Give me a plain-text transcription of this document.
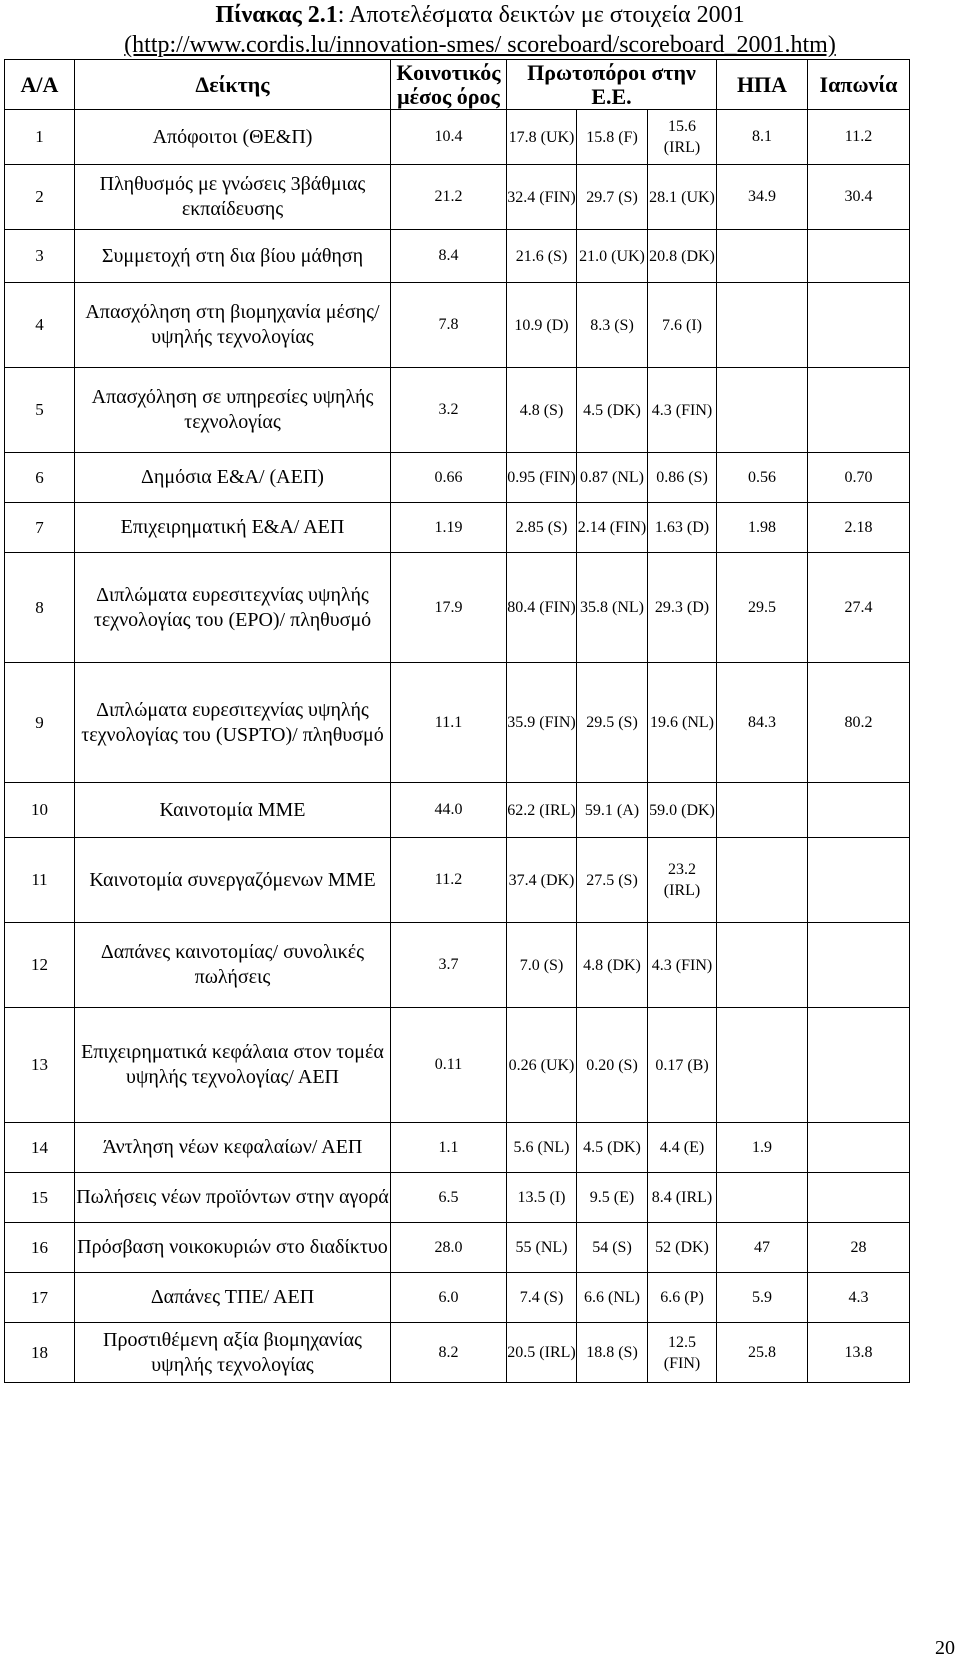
Πίνακας 2.1: Αποτελέσματα δεικτών με στοιχεία 2001
(http://www.cordis.lu/innovation-smes/ scoreboard/scoreboard_2001.htm)
Α/Α	Δείκτης	Κοινοτικός μέσος όρος	Πρωτοπόροι στην Ε.Ε.			ΗΠΑ	Ιαπωνία
1	Απόφοιτοι (ΘΕ&Π)	10.4	17.8 (UK)	15.8 (F)	15.6 (IRL)	8.1	11.2
2	Πληθυσμός με γνώσεις 3βάθμιας εκπαίδευσης	21.2	32.4 (FIN)	29.7 (S)	28.1 (UK)	34.9	30.4
3	Συμμετοχή στη δια βίου μάθηση	8.4	21.6 (S)	21.0 (UK)	20.8 (DK)		
4	Απασχόληση στη βιομηχανία μέσης/ υψηλής τεχνολογίας	7.8	10.9 (D)	8.3 (S)	7.6 (I)		
5	Απασχόληση σε υπηρεσίες υψηλής τεχνολογίας	3.2	4.8 (S)	4.5 (DK)	4.3 (FIN)		
6	Δημόσια Ε&Α/ (ΑΕΠ)	0.66	0.95 (FIN)	0.87 (NL)	0.86 (S)	0.56	0.70
7	Επιχειρηματική Ε&Α/ ΑΕΠ	1.19	2.85 (S)	2.14 (FIN)	1.63 (D)	1.98	2.18
8	Διπλώματα ευρεσιτεχνίας υψηλής τεχνολογίας του (EPO)/ πληθυσμό	17.9	80.4 (FIN)	35.8 (NL)	29.3 (D)	29.5	27.4
9	Διπλώματα ευρεσιτεχνίας υψηλής τεχνολογίας του (USPTO)/ πληθυσμό	11.1	35.9 (FIN)	29.5 (S)	19.6 (NL)	84.3	80.2
10	Καινοτομία ΜΜΕ	44.0	62.2 (IRL)	59.1 (A)	59.0 (DK)		
11	Καινοτομία συνεργαζόμενων ΜΜΕ	11.2	37.4 (DK)	27.5 (S)	23.2 (IRL)		
12	Δαπάνες καινοτομίας/ συνολικές πωλήσεις	3.7	7.0 (S)	4.8 (DK)	4.3 (FIN)		
13	Επιχειρηματικά κεφάλαια στον τομέα υψηλής τεχνολογίας/ ΑΕΠ	0.11	0.26 (UK)	0.20 (S)	0.17 (B)		
14	Άντληση νέων κεφαλαίων/ ΑΕΠ	1.1	5.6 (NL)	4.5 (DK)	4.4 (E)	1.9	
15	Πωλήσεις νέων προϊόντων στην αγορά	6.5	13.5 (I)	9.5 (E)	8.4 (IRL)		
16	Πρόσβαση νοικοκυριών στο διαδίκτυο	28.0	55 (NL)	54 (S)	52 (DK)	47	28
17	Δαπάνες ΤΠΕ/ ΑΕΠ	6.0	7.4 (S)	6.6 (NL)	6.6 (P)	5.9	4.3
18	Προστιθέμενη αξία βιομηχανίας υψηλής τεχνολογίας	8.2	20.5 (IRL)	18.8 (S)	12.5 (FIN)	25.8	13.8
20
